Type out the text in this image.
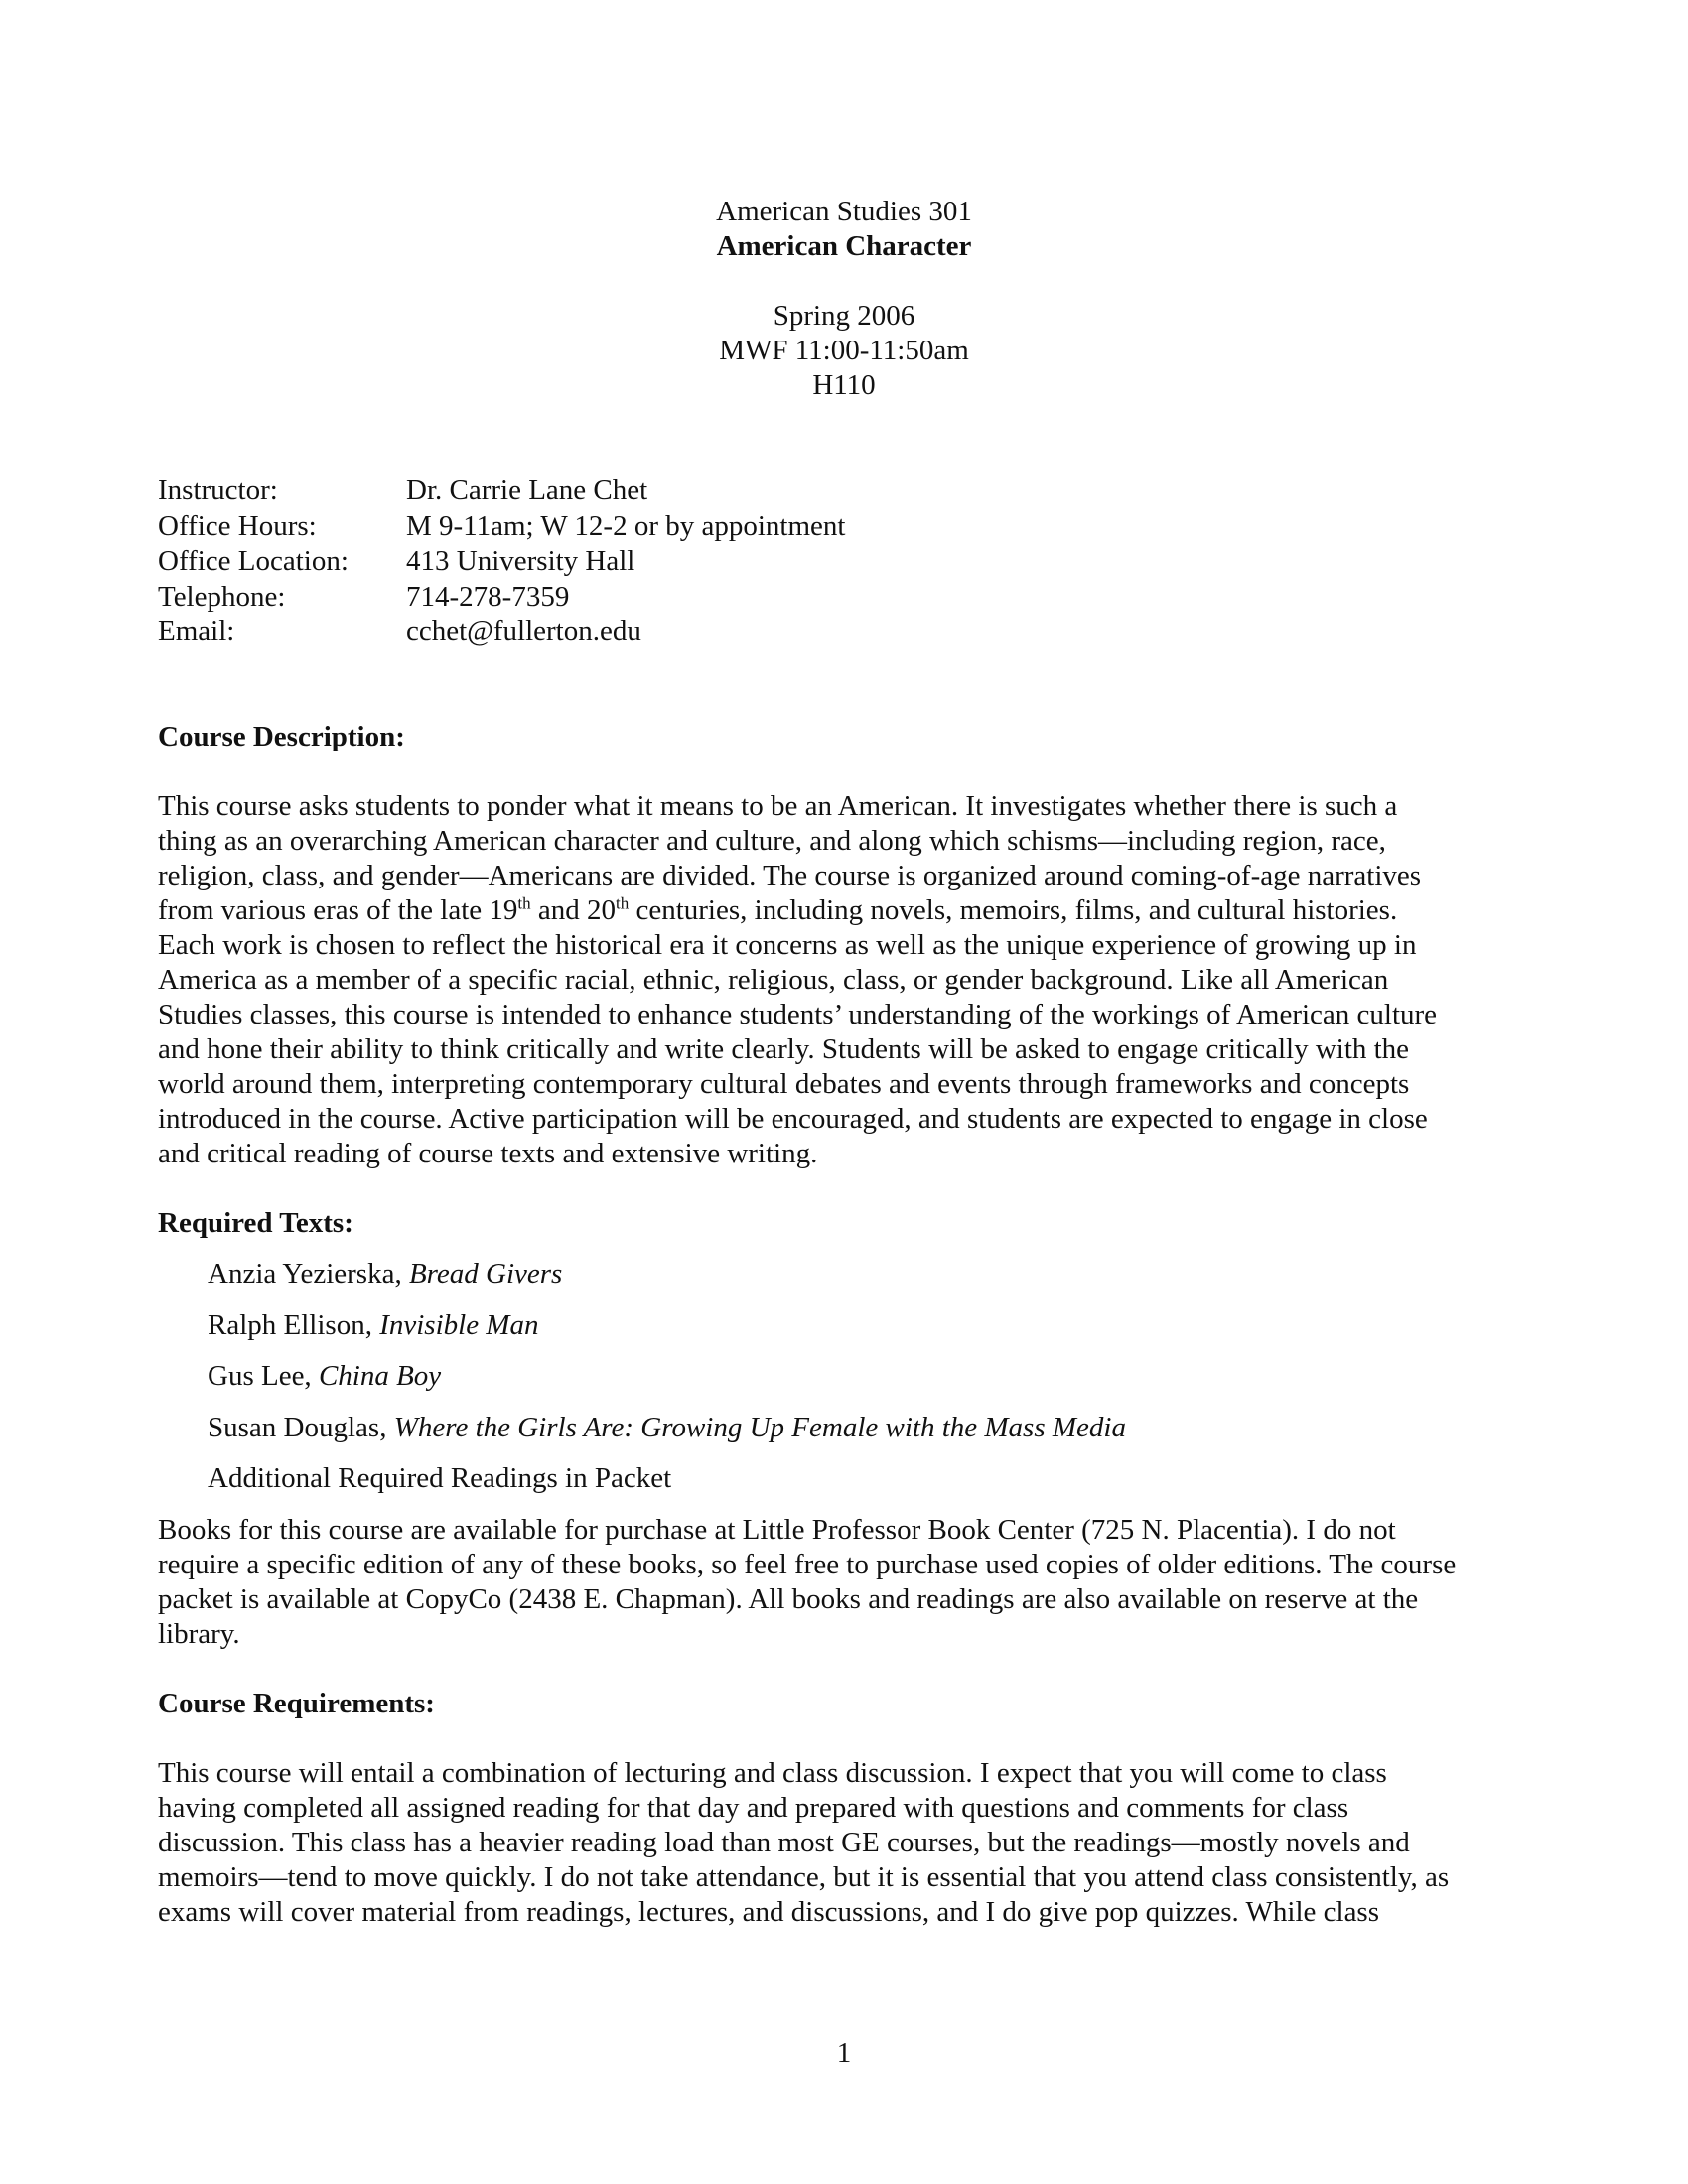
American Studies 301
American Character
Spring 2006
MWF 11:00-11:50am
H110
Instructor:	Dr. Carrie Lane Chet
Office Hours:	M 9-11am; W 12-2 or by appointment
Office Location:	413 University Hall
Telephone:	714-278-7359
Email:	cchet@fullerton.edu

Course Description:

This course asks students to ponder what it means to be an American. It investigates whether there is such a
thing as an overarching American character and culture, and along which schisms—including region, race,
religion, class, and gender—Americans are divided. The course is organized around coming-of-age narratives
from various eras of the late 19th and 20th centuries, including novels, memoirs, films, and cultural histories.
Each work is chosen to reflect the historical era it concerns as well as the unique experience of growing up in
America as a member of a specific racial, ethnic, religious, class, or gender background. Like all American
Studies classes, this course is intended to enhance students’ understanding of the workings of American culture
and hone their ability to think critically and write clearly. Students will be asked to engage critically with the
world around them, interpreting contemporary cultural debates and events through frameworks and concepts
introduced in the course. Active participation will be encouraged, and students are expected to engage in close
and critical reading of course texts and extensive writing.

Required Texts:

Anzia Yezierska, Bread Givers
Ralph Ellison, Invisible Man
Gus Lee, China Boy
Susan Douglas, Where the Girls Are: Growing Up Female with the Mass Media
Additional Required Readings in Packet
Books for this course are available for purchase at Little Professor Book Center (725 N. Placentia). I do not
require a specific edition of any of these books, so feel free to purchase used copies of older editions. The course
packet is available at CopyCo (2438 E. Chapman). All books and readings are also available on reserve at the
library.

Course Requirements:

This course will entail a combination of lecturing and class discussion. I expect that you will come to class
having completed all assigned reading for that day and prepared with questions and comments for class
discussion. This class has a heavier reading load than most GE courses, but the readings—mostly novels and
memoirs—tend to move quickly. I do not take attendance, but it is essential that you attend class consistently, as
exams will cover material from readings, lectures, and discussions, and I do give pop quizzes. While class
1
